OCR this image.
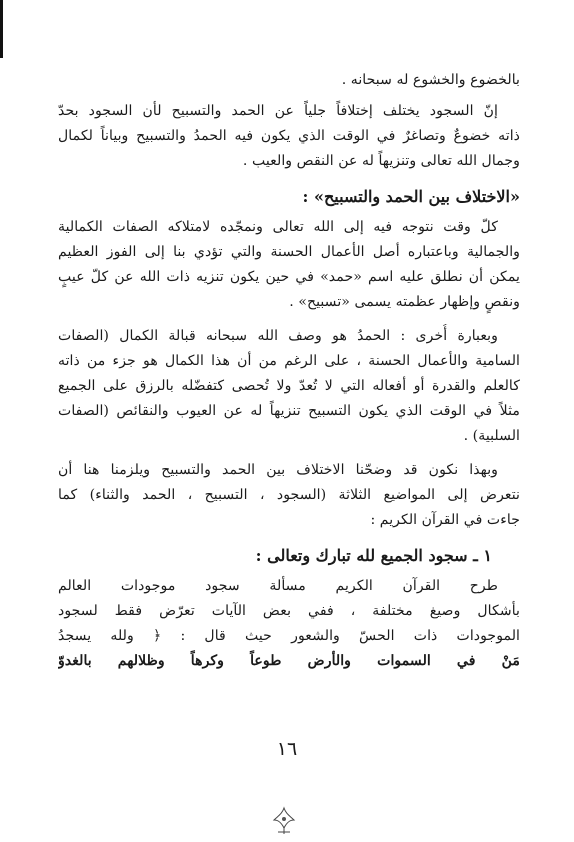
بالخضوع والخشوع له سبحانه .
إنّ السجود يختلف إختلافاً جلياً عن الحمد والتسبيح لأن السجود بحدّ
ذاته خضوعٌ وتصاغرٌ في الوقت الذي يكون فيه الحمدُ والتسبيح وبياناً لكمال
وجمال الله تعالى وتنزيهاً له عن النقص والعيب .
«الاختلاف بين الحمد والتسبيح» :
كلّ وقت نتوجه فيه إلى الله تعالى ونمجّده لامتلاكه الصفات الكمالية
والجمالية وباعتباره أصل الأعمال الحسنة والتي تؤدي بنا إلى الفوز العظيم
يمكن أن نطلق عليه اسم «حمد» في حين يكون تنزيه ذات الله عن كلّ عيبٍ
ونقصٍ وإظهار عظمته يسمى «تسبيح» .
وبعبارة أُخرى : الحمدُ هو وصف الله سبحانه قبالة الكمال (الصفات
السامية والأعمال الحسنة ، على الرغم من أن هذا الكمال هو جزء من ذاته
كالعلم والقدرة أو أفعاله التي لا تُعدّ ولا تُحصى كتفضّله بالرزق على الجميع
مثلاً في الوقت الذي يكون التسبيح تنزيهاً له عن العيوب والنقائص (الصفات
السلبية) .
وبهذا نكون قد وضحّنا الاختلاف بين الحمد والتسبيح ويلزمنا هنا أن
نتعرض إلى المواضيع الثلاثة (السجود ، التسبيح ، الحمد والثناء) كما
جاءت في القرآن الكريم :
١ ـ سجود الجميع لله تبارك وتعالى :
طرح القرآن الكريم مسألة سجود موجودات العالم
بأشكال وصيغ مختلفة ، ففي بعض الآيات تعرّض فقط لسجود
الموجودات ذات الحسّ والشعور حيث قال : ﴿ ولله يسجدُ
مَنْ في السموات والأرض طوعاً وكرهاً وظلالهم بالغدوّ
١٦
